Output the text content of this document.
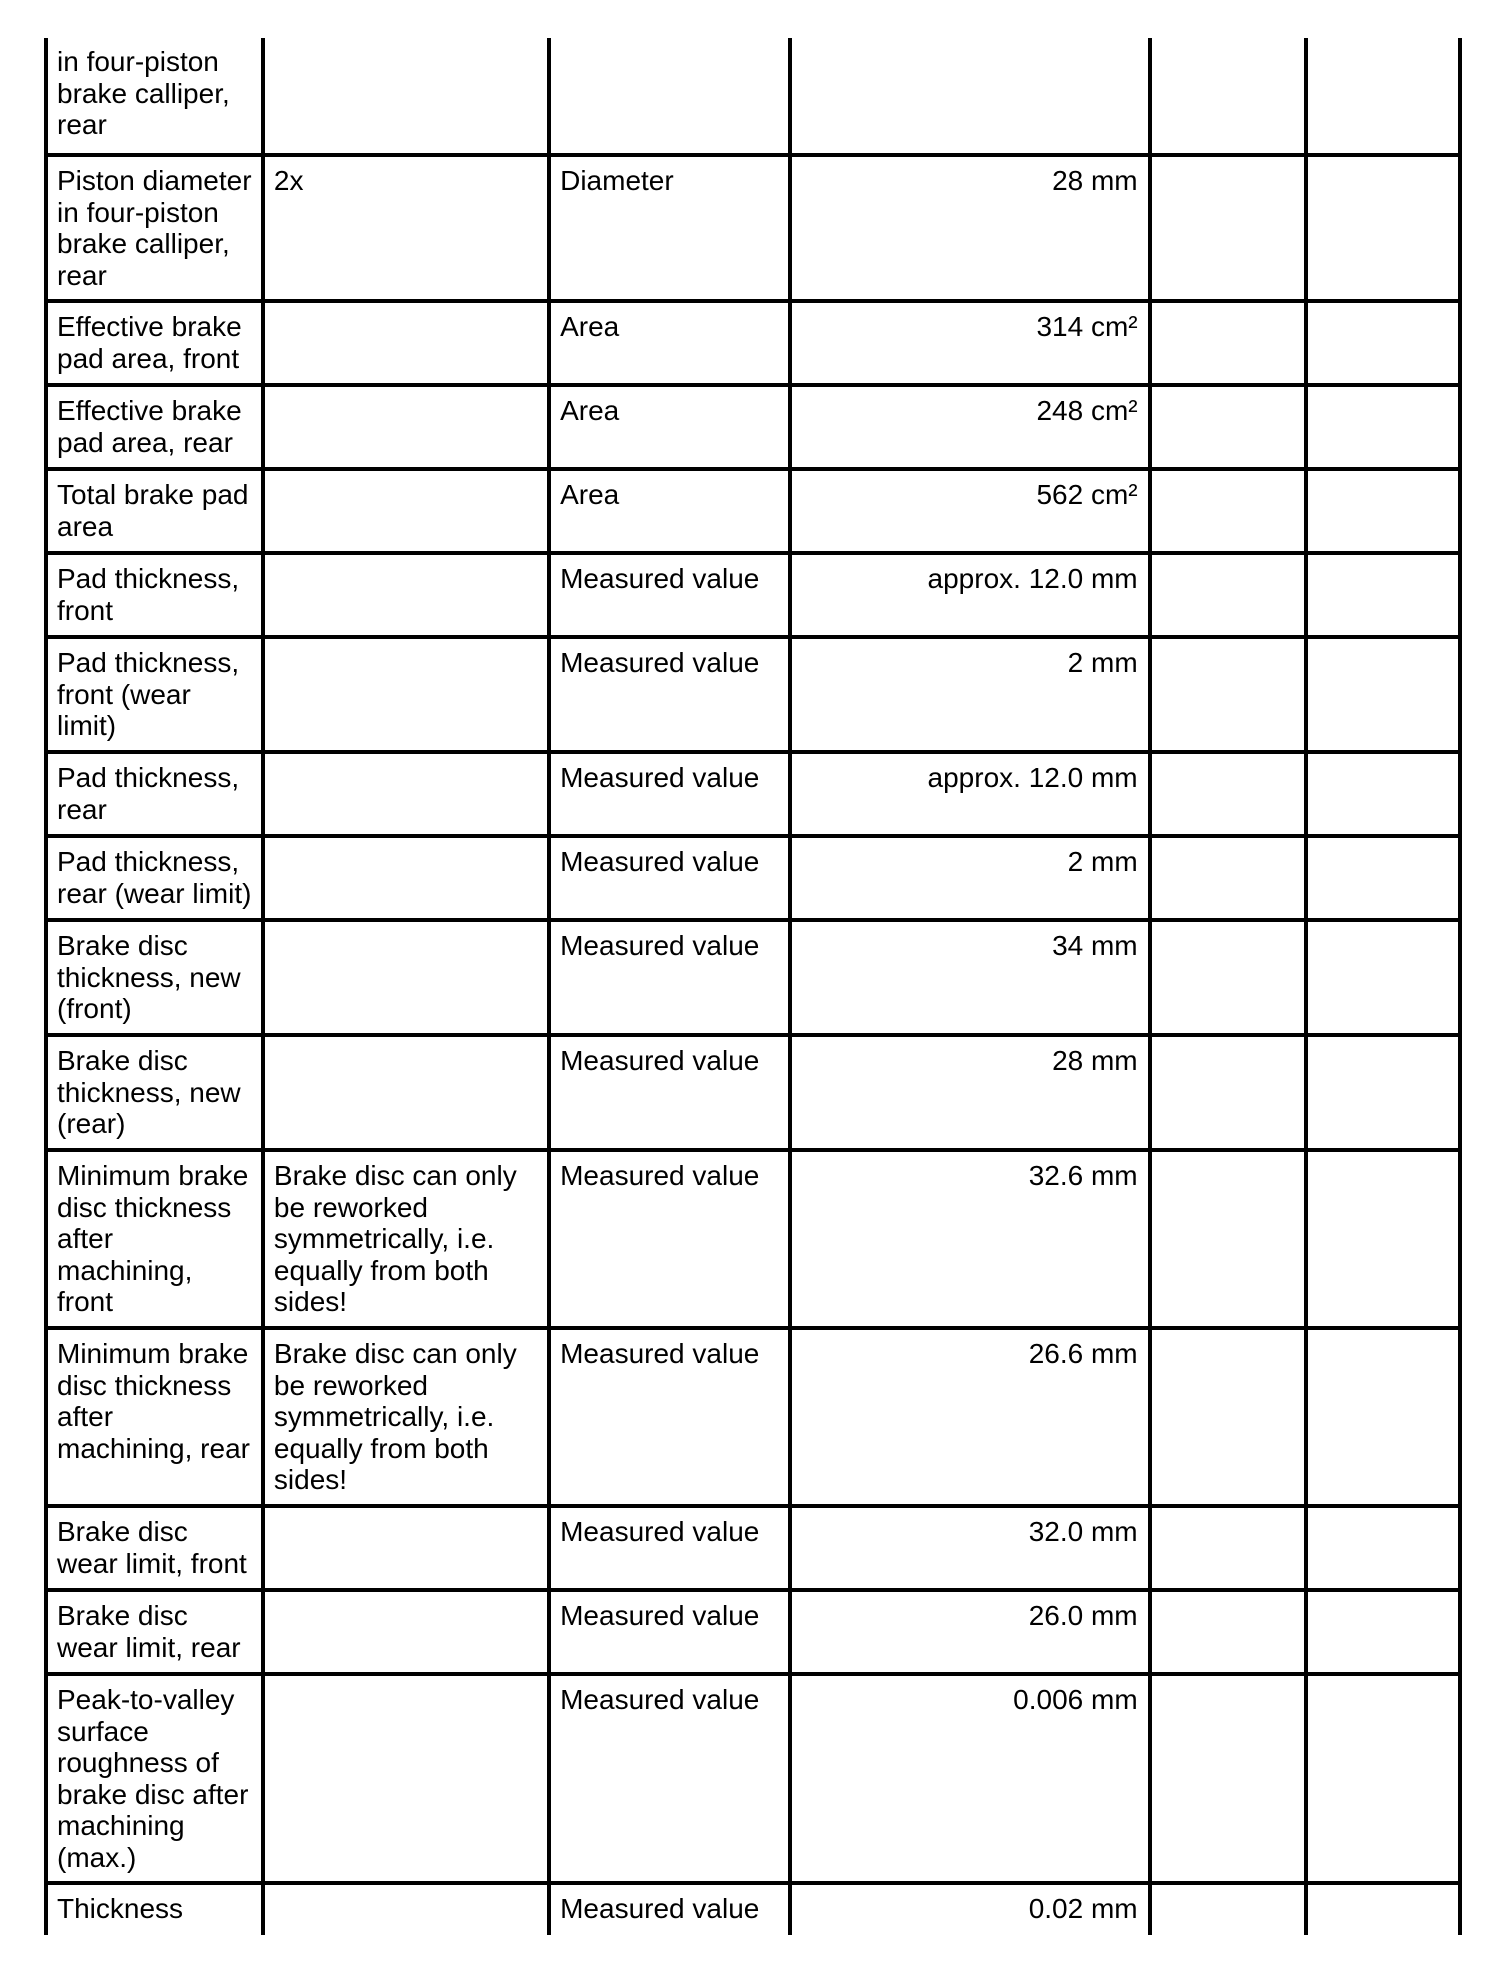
in four-piston brake calliper, rear					
Piston diameter in four-piston brake calliper, rear	2x	Diameter	28 mm		
Effective brake pad area, front		Area	314 cm²		
Effective brake pad area, rear		Area	248 cm²		
Total brake pad area		Area	562 cm²		
Pad thickness, front		Measured value	approx. 12.0 mm		
Pad thickness, front (wear limit)		Measured value	2 mm		
Pad thickness, rear		Measured value	approx. 12.0 mm		
Pad thickness, rear (wear limit)		Measured value	2 mm		
Brake disc thickness, new (front)		Measured value	34 mm		
Brake disc thickness, new (rear)		Measured value	28 mm		
Minimum brake disc thickness after machining, front	Brake disc can only be reworked symmetrically, i.e. equally from both sides!	Measured value	32.6 mm		
Minimum brake disc thickness after machining, rear	Brake disc can only be reworked symmetrically, i.e. equally from both sides!	Measured value	26.6 mm		
Brake disc wear limit, front		Measured value	32.0 mm		
Brake disc wear limit, rear		Measured value	26.0 mm		
Peak-to-valley surface roughness of brake disc after machining (max.)		Measured value	0.006 mm		
Thickness		Measured value	0.02 mm		
